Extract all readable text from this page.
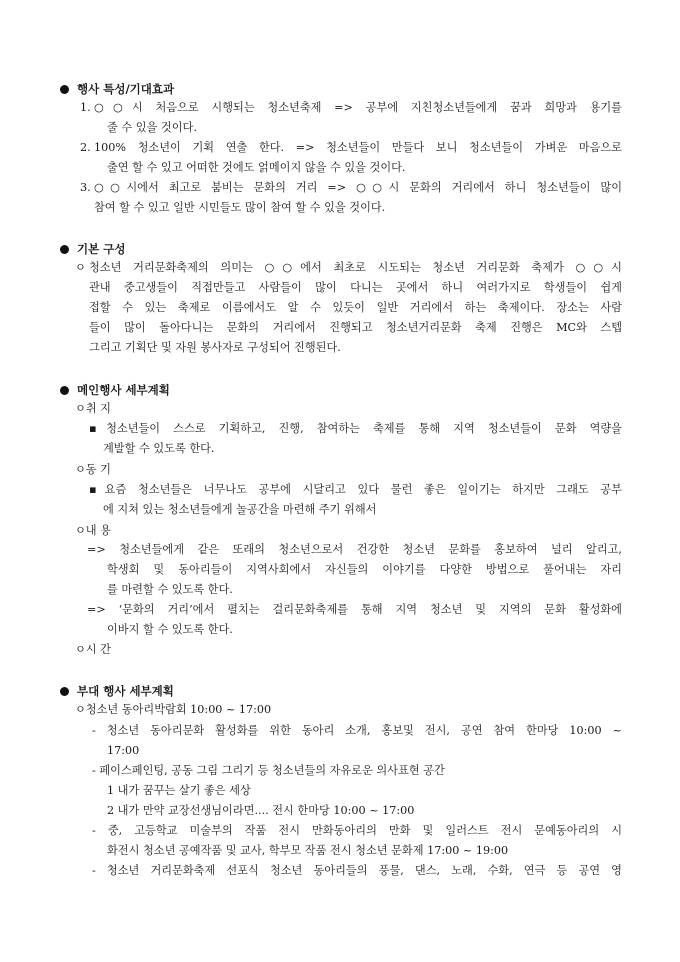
행사 특성/기대효과
1. ○○시 처음으로 시행되는 청소년축제 => 공부에 지친청소년들에게 꿈과 희망과 용기를
줄 수 있을 것이다.
2. 100% 청소년이 기획 연출 한다. => 청소년들이 만들다 보니 청소년들이 가벼운 마음으로
출연 할 수 있고 어떠한 것에도 얽메이지 않을 수 있을 것이다.
3. ○○시에서 최고로 붐비는 문화의 거리 => ○○시 문화의 거리에서 하니 청소년들이 많이
참여 할 수 있고 일반 시민들도 많이 참여 할 수 있을 것이다.
기본 구성
ㅇ 청소년 거리문화축제의 의미는 ○○에서 최초로 시도되는 청소년 거리문화 축제가 ○○시
관내 중고생들이 직접만들고 사람들이 많이 다니는 곳에서 하니 여러가지로 학생들이 쉽게
접할 수 있는 축제로 이름에서도 알 수 있듯이 일반 거리에서 하는 축제이다. 장소는 사람
들이 많이 돌아다니는 문화의 거리에서 진행되고 청소년거리문화 축제 진행은 MC와 스텝
그리고 기획단 및 자원 봉사자로 구성되어 진행된다.
메인행사 세부계획
ㅇ취 지
▪청소년들이 스스로 기획하고, 진행, 참여하는 축제를 통해 지역 청소년들이 문화 역량을
계발할 수 있도록 한다.
ㅇ동 기
▪요즘 청소년들은 너무나도 공부에 시달리고 있다 물런 좋은 일이기는 하지만 그래도 공부
에 지쳐 있는 청소년들에게 놀공간을 마련해 주기 위해서
ㅇ내 용
=> 청소년들에게 같은 또래의 청소년으로서 건강한 청소년 문화를 홍보하여 널리 알리고,
학생회 및 동아리들이 지역사회에서 자신들의 이야기를 다양한 방법으로 풀어내는 자리
를 마련할 수 있도록 한다.
=> ‘문화의 거리’에서 펼치는 걸리문화축제를 통해 지역 청소년 및 지역의 문화 활성화에
이바지 할 수 있도록 한다.
ㅇ시 간
부대 행사 세부계획
ㅇ청소년 동아리박람회 10:00 ~ 17:00
- 청소년 동아리문화 활성화를 위한 동아리 소개, 홍보및 전시, 공연 참여 한마당 10:00 ~
17:00
- 페이스페인팅, 공동 그림 그리기 등 청소년들의 자유로운 의사표현 공간
1 내가 꿈꾸는 살기 좋은 세상
2 내가 만약 교장선생님이라면.... 전시 한마당 10:00 ~ 17:00
- 중, 고등학교 미술부의 작품 전시 만화동아리의 만화 및 일러스트 전시 문예동아리의 시
화전시 청소년 공예작품 및 교사, 학부모 작품 전시 청소년 문화제 17:00 ~ 19:00
- 청소년 거리문화축제 선포식 청소년 동아리들의 풍물, 댄스, 노래, 수화, 연극 등 공연 영
